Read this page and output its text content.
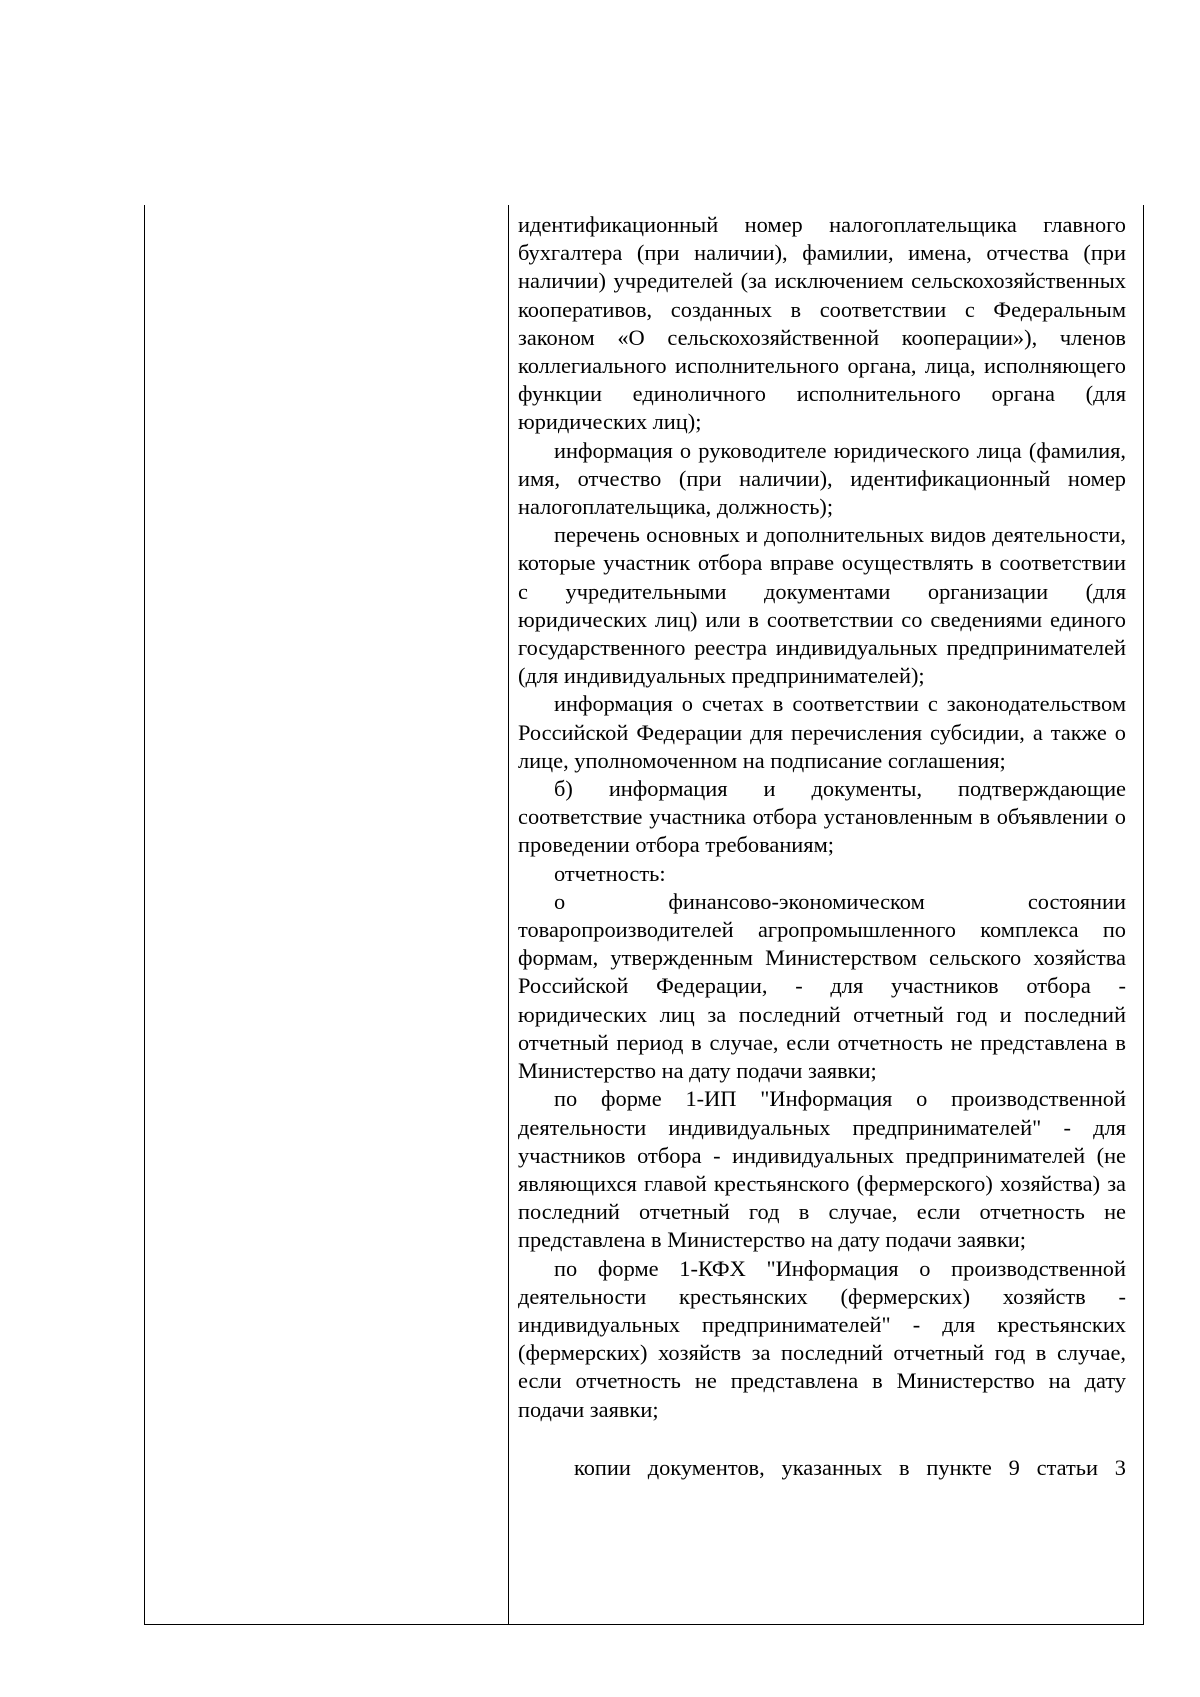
идентификационный номер налогоплательщика главного бухгалтера (при наличии), фамилии, имена, отчества (при наличии) учредителей (за исключением сельскохозяйственных кооперативов, созданных в соответствии с Федеральным законом «О сельскохозяйственной кооперации»), членов коллегиального исполнительного органа, лица, исполняющего функции единоличного исполнительного органа (для юридических лиц);

информация о руководителе юридического лица (фамилия, имя, отчество (при наличии), идентификационный номер налогоплательщика, должность);

перечень основных и дополнительных видов деятельности, которые участник отбора вправе осуществлять в соответствии с учредительными документами организации (для юридических лиц) или в соответствии со сведениями единого государственного реестра индивидуальных предпринимателей (для индивидуальных предпринимателей);

информация о счетах в соответствии с законодательством Российской Федерации для перечисления субсидии, а также о лице, уполномоченном на подписание соглашения;

б) информация и документы, подтверждающие соответствие участника отбора установленным в объявлении о проведении отбора требованиям;

отчетность:

о финансово-экономическом состоянии товаропроизводителей агропромышленного комплекса по формам, утвержденным Министерством сельского хозяйства Российской Федерации, - для участников отбора - юридических лиц за последний отчетный год и последний отчетный период в случае, если отчетность не представлена в Министерство на дату подачи заявки;

по форме 1-ИП "Информация о производственной деятельности индивидуальных предпринимателей" - для участников отбора - индивидуальных предпринимателей (не являющихся главой крестьянского (фермерского) хозяйства) за последний отчетный год в случае, если отчетность не представлена в Министерство на дату подачи заявки;

по форме 1-КФХ "Информация о производственной деятельности крестьянских (фермерских) хозяйств - индивидуальных предпринимателей" - для крестьянских (фермерских) хозяйств за последний отчетный год в случае, если отчетность не представлена в Министерство на дату подачи заявки;

копии документов, указанных в пункте 9 статьи 3
